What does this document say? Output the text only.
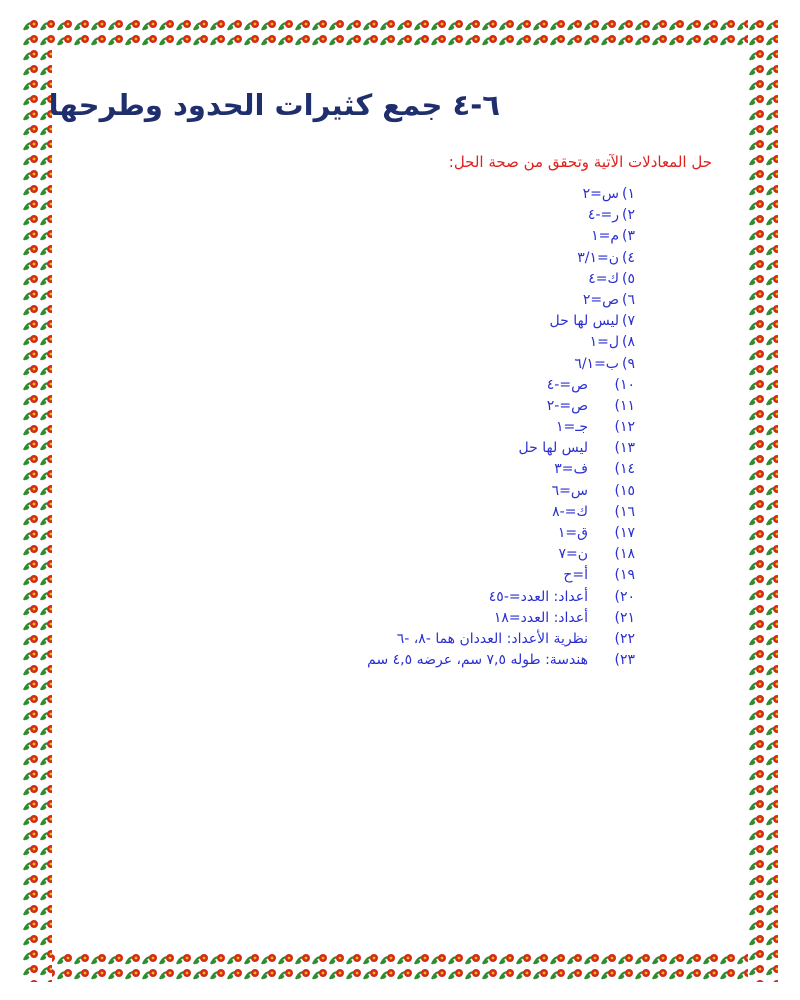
٦-٤ جمع كثيرات الحدود وطرحها

حل المعادلات الآتية وتحقق من صحة الحل:

١)س=٢
٢)ر=-٤
٣)م=١
٤)ن=٣/١
٥)ك=٤
٦)ص=٢
٧)ليس لها حل
٨)ل=١
٩)ب=٦/١
١٠)ص=-٤
١١)ص=-٢
١٢)جـ=١
١٣)ليس لها حل
١٤)ف=٣
١٥)س=٦
١٦)ك=-٨
١٧)ق=١
١٨)ن=٧
١٩)أ=ح
٢٠)أعداد: العدد=-٤٥
٢١)أعداد: العدد=١٨
٢٢)نظرية الأعداد: العددان هما -٨، -٦
٢٣)هندسة: طوله ٧,٥ سم، عرضه ٤,٥ سم
